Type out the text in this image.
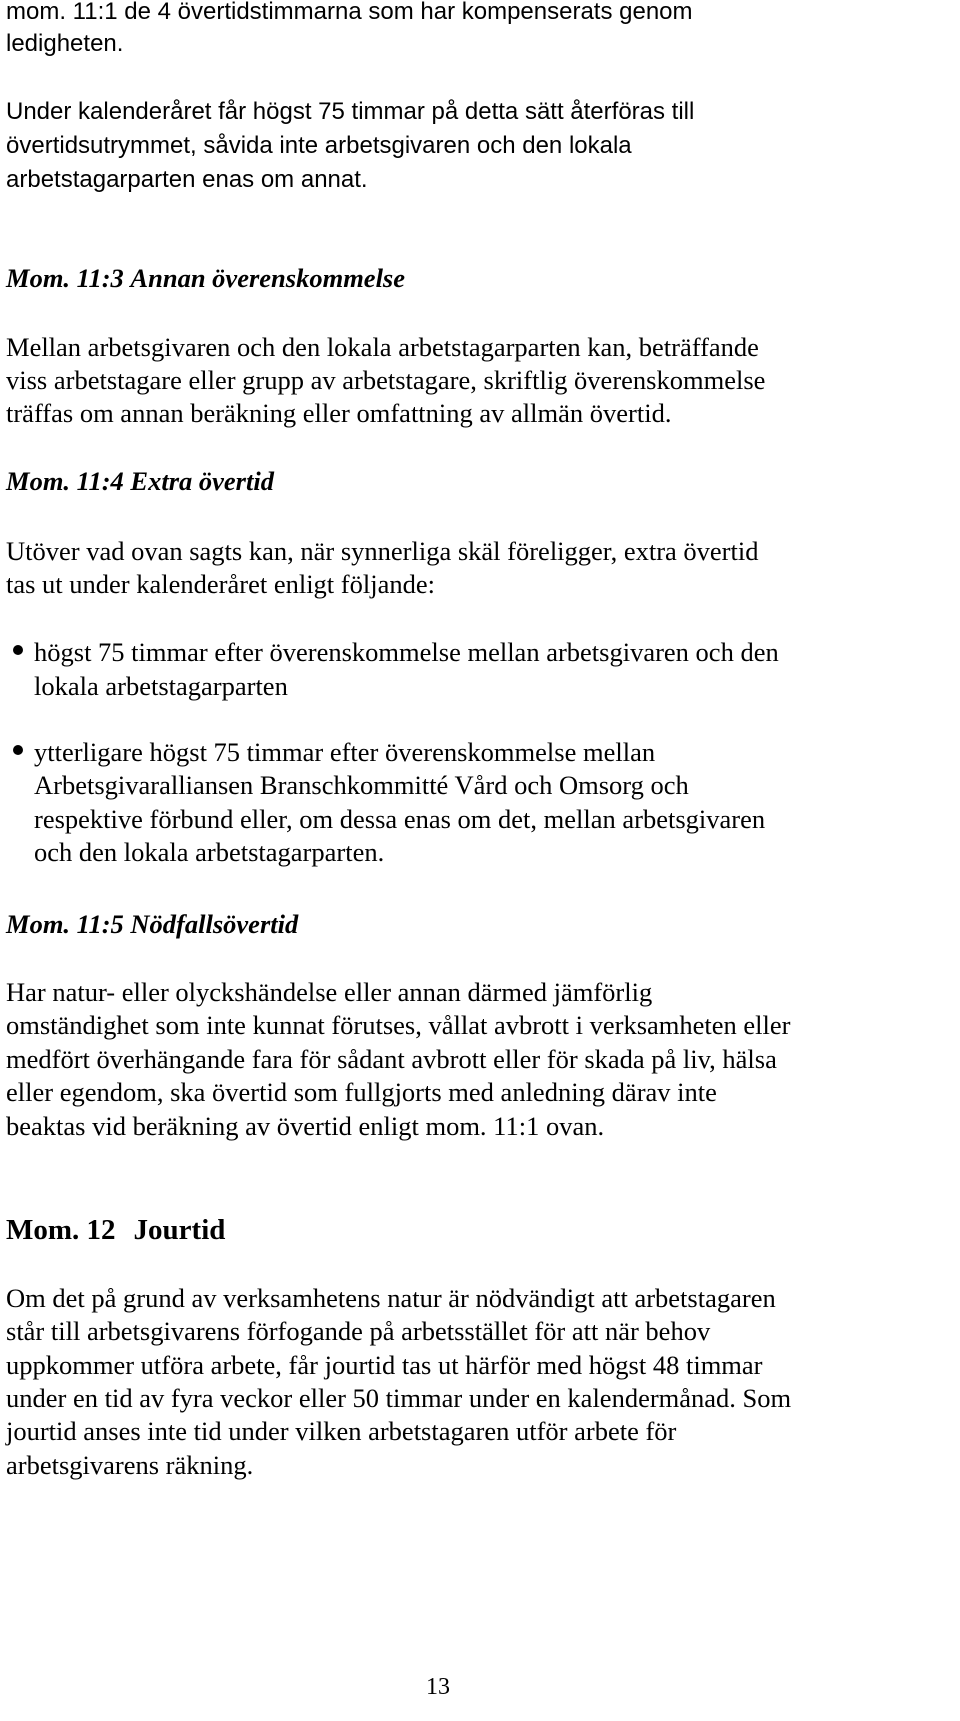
mom. 11:1 de 4 övertidstimmarna som har kompenserats genom
ledigheten.
Under kalenderåret får högst 75 timmar på detta sätt återföras till
övertidsutrymmet, såvida inte arbetsgivaren och den lokala
arbetstagarparten enas om annat.
Mom. 11:3 Annan överenskommelse
Mellan arbetsgivaren och den lokala arbetstagarparten kan, beträffande
viss arbetstagare eller grupp av arbetstagare, skriftlig överenskommelse
träffas om annan beräkning eller omfattning av allmän övertid.
Mom. 11:4 Extra övertid
Utöver vad ovan sagts kan, när synnerliga skäl föreligger, extra övertid
tas ut under kalenderåret enligt följande:
högst 75 timmar efter överenskommelse mellan arbetsgivaren och den
lokala arbetstagarparten
ytterligare högst 75 timmar efter överenskommelse mellan
Arbetsgivaralliansen Branschkommitté Vård och Omsorg och
respektive förbund eller, om dessa enas om det, mellan arbetsgivaren
och den lokala arbetstagarparten.
Mom. 11:5 Nödfallsövertid
Har natur- eller olyckshändelse eller annan därmed jämförlig
omständighet som inte kunnat förutses, vållat avbrott i verksamheten eller
medfört överhängande fara för sådant avbrott eller för skada på liv, hälsa
eller egendom, ska övertid som fullgjorts med anledning därav inte
beaktas vid beräkning av övertid enligt mom. 11:1 ovan.
Mom. 12 Jourtid
Om det på grund av verksamhetens natur är nödvändigt att arbetstagaren
står till arbetsgivarens förfogande på arbetsstället för att när behov
uppkommer utföra arbete, får jourtid tas ut härför med högst 48 timmar
under en tid av fyra veckor eller 50 timmar under en kalendermånad. Som
jourtid anses inte tid under vilken arbetstagaren utför arbete för
arbetsgivarens räkning.
13
